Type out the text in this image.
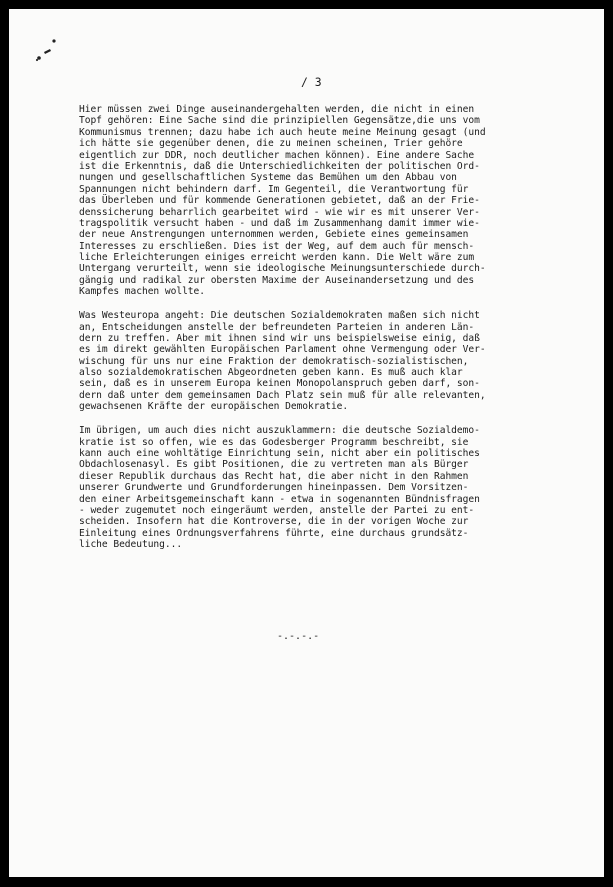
/ 3
Hier müssen zwei Dinge auseinandergehalten werden, die nicht in einen
Topf gehören: Eine Sache sind die prinzipiellen Gegensätze,die uns vom
Kommunismus trennen; dazu habe ich auch heute meine Meinung gesagt (und
ich hätte sie gegenüber denen, die zu meinen scheinen, Trier gehöre
eigentlich zur DDR, noch deutlicher machen können). Eine andere Sache
ist die Erkenntnis, daß die Unterschiedlichkeiten der politischen Ord-
nungen und gesellschaftlichen Systeme das Bemühen um den Abbau von
Spannungen nicht behindern darf. Im Gegenteil, die Verantwortung für
das Überleben und für kommende Generationen gebietet, daß an der Frie-
denssicherung beharrlich gearbeitet wird - wie wir es mit unserer Ver-
tragspolitik versucht haben - und daß im Zusammenhang damit immer wie-
der neue Anstrengungen unternommen werden, Gebiete eines gemeinsamen
Interesses zu erschließen. Dies ist der Weg, auf dem auch für mensch-
liche Erleichterungen einiges erreicht werden kann. Die Welt wäre zum
Untergang verurteilt, wenn sie ideologische Meinungsunterschiede durch-
gängig und radikal zur obersten Maxime der Auseinandersetzung und des
Kampfes machen wollte.
Was Westeuropa angeht: Die deutschen Sozialdemokraten maßen sich nicht
an, Entscheidungen anstelle der befreundeten Parteien in anderen Län-
dern zu treffen. Aber mit ihnen sind wir uns beispielsweise einig, daß
es im direkt gewählten Europäischen Parlament ohne Vermengung oder Ver-
wischung für uns nur eine Fraktion der demokratisch-sozialistischen,
also sozialdemokratischen Abgeordneten geben kann. Es muß auch klar
sein, daß es in unserem Europa keinen Monopolanspruch geben darf, son-
dern daß unter dem gemeinsamen Dach Platz sein muß für alle relevanten,
gewachsenen Kräfte der europäischen Demokratie.
Im übrigen, um auch dies nicht auszuklammern: die deutsche Sozialdemo-
kratie ist so offen, wie es das Godesberger Programm beschreibt, sie
kann auch eine wohltätige Einrichtung sein, nicht aber ein politisches
Obdachlosenasyl. Es gibt Positionen, die zu vertreten man als Bürger
dieser Republik durchaus das Recht hat, die aber nicht in den Rahmen
unserer Grundwerte und Grundforderungen hineinpassen. Dem Vorsitzen-
den einer Arbeitsgemeinschaft kann - etwa in sogenannten Bündnisfragen
- weder zugemutet noch eingeräumt werden, anstelle der Partei zu ent-
scheiden. Insofern hat die Kontroverse, die in der vorigen Woche zur
Einleitung eines Ordnungsverfahrens führte, eine durchaus grundsätz-
liche Bedeutung...
-.-.-.-
